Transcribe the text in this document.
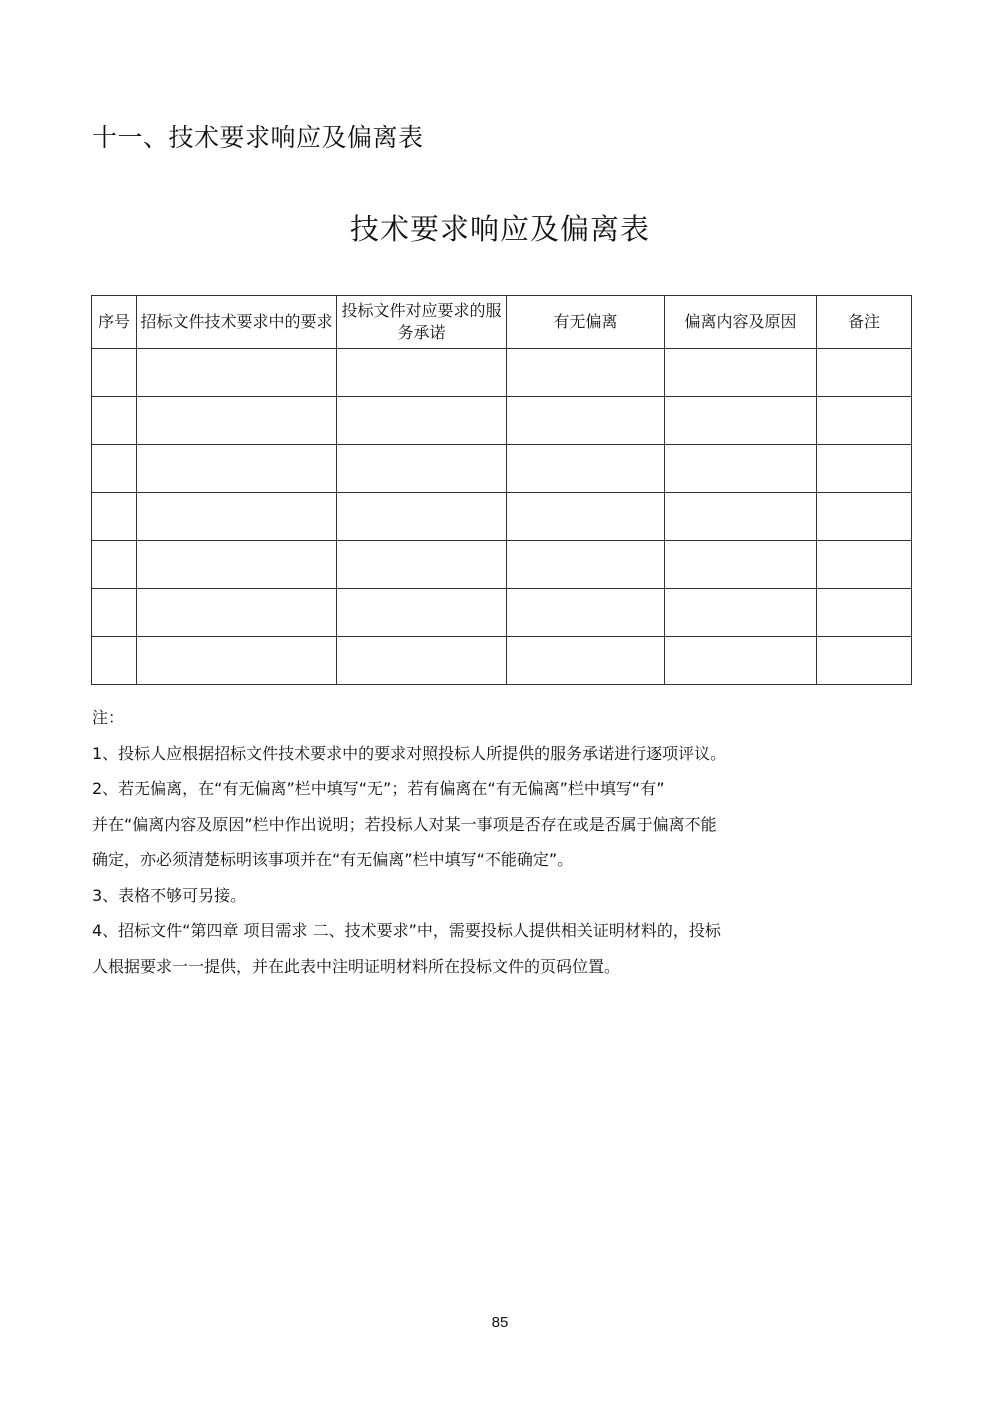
十一、技术要求响应及偏离表
技术要求响应及偏离表
序号	招标文件技术要求中的要求	投标文件对应要求的服务承诺	有无偏离	偏离内容及原因	备注

注：

1、投标人应根据招标文件技术要求中的要求对照投标人所提供的服务承诺进行逐项评议。

2、若无偏离，在“有无偏离”栏中填写“无”；若有偏离在“有无偏离”栏中填写“有”

并在“偏离内容及原因”栏中作出说明；若投标人对某一事项是否存在或是否属于偏离不能

确定，亦必须清楚标明该事项并在“有无偏离”栏中填写“不能确定”。

3、表格不够可另接。

4、招标文件“第四章 项目需求 二、技术要求”中，需要投标人提供相关证明材料的，投标

人根据要求一一提供，并在此表中注明证明材料所在投标文件的页码位置。

85
